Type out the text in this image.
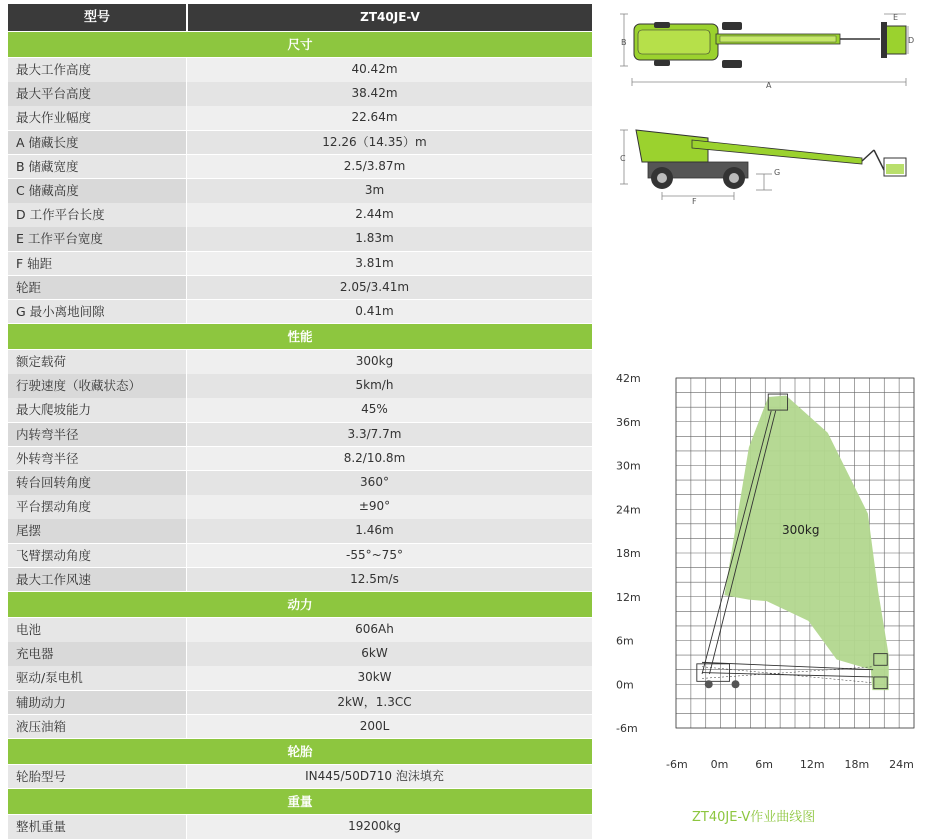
型号	ZT40JE-V
尺寸
最大工作高度	40.42m
最大平台高度	38.42m
最大作业幅度	22.64m
A 储藏长度	12.26（14.35）m
B 储藏宽度	2.5/3.87m
C 储藏高度	3m
D 工作平台长度	2.44m
E 工作平台宽度	1.83m
F 轴距	3.81m
轮距	2.05/3.41m
G 最小离地间隙	0.41m
性能
额定载荷	300kg
行驶速度（收藏状态）	5km/h
最大爬坡能力	45%
内转弯半径	3.3/7.7m
外转弯半径	8.2/10.8m
转台回转角度	360°
平台摆动角度	±90°
尾摆	1.46m
飞臂摆动角度	-55°~75°
最大工作风速	12.5m/s
动力
电池	606Ah
充电器	6kW
驱动/泵电机	30kW
辅助动力	2kW，1.3CC
液压油箱	200L
轮胎
轮胎型号	IN445/50D710 泡沫填充
重量
整机重量	19200kg
B
E
D
A
C
F
G
300kg
42m
36m
30m
24m
18m
12m
6m
0m
-6m
-6m 0m 6m 12m 18m 24m
ZT40JE-V作业曲线图
